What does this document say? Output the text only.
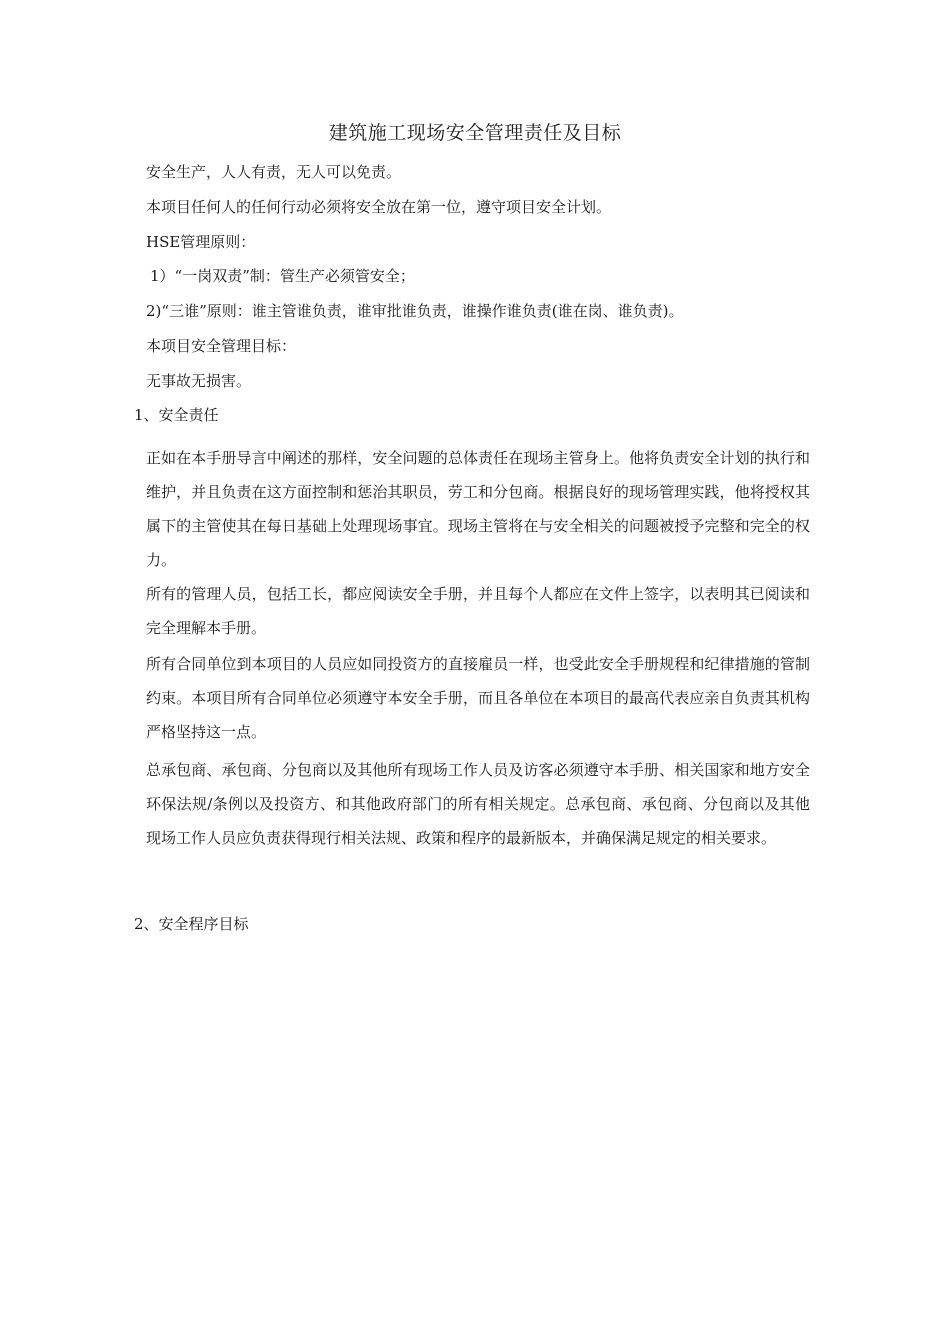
建筑施工现场安全管理责任及目标
安全生产，人人有责，无人可以免责。
本项目任何人的任何行动必须将安全放在第一位，遵守项目安全计划。
HSE管理原则：
1）“一岗双责”制：管生产必须管安全；
2)“三谁”原则：谁主管谁负责，谁审批谁负责，谁操作谁负责(谁在岗、谁负责)。
本项目安全管理目标：
无事故无损害。
1、安全责任
正如在本手册导言中阐述的那样，安全问题的总体责任在现场主管身上。他将负责安全计划的执行和维护，并且负责在这方面控制和惩治其职员，劳工和分包商。根据良好的现场管理实践，他将授权其属下的主管使其在每日基础上处理现场事宜。现场主管将在与安全相关的问题被授予完整和完全的权力。
所有的管理人员，包括工长，都应阅读安全手册，并且每个人都应在文件上签字，以表明其已阅读和完全理解本手册。
所有合同单位到本项目的人员应如同投资方的直接雇员一样，也受此安全手册规程和纪律措施的管制约束。本项目所有合同单位必须遵守本安全手册，而且各单位在本项目的最高代表应亲自负责其机构严格坚持这一点。
总承包商、承包商、分包商以及其他所有现场工作人员及访客必须遵守本手册、相关国家和地方安全环保法规/条例以及投资方、和其他政府部门的所有相关规定。总承包商、承包商、分包商以及其他现场工作人员应负责获得现行相关法规、政策和程序的最新版本，并确保满足规定的相关要求。
2、安全程序目标
